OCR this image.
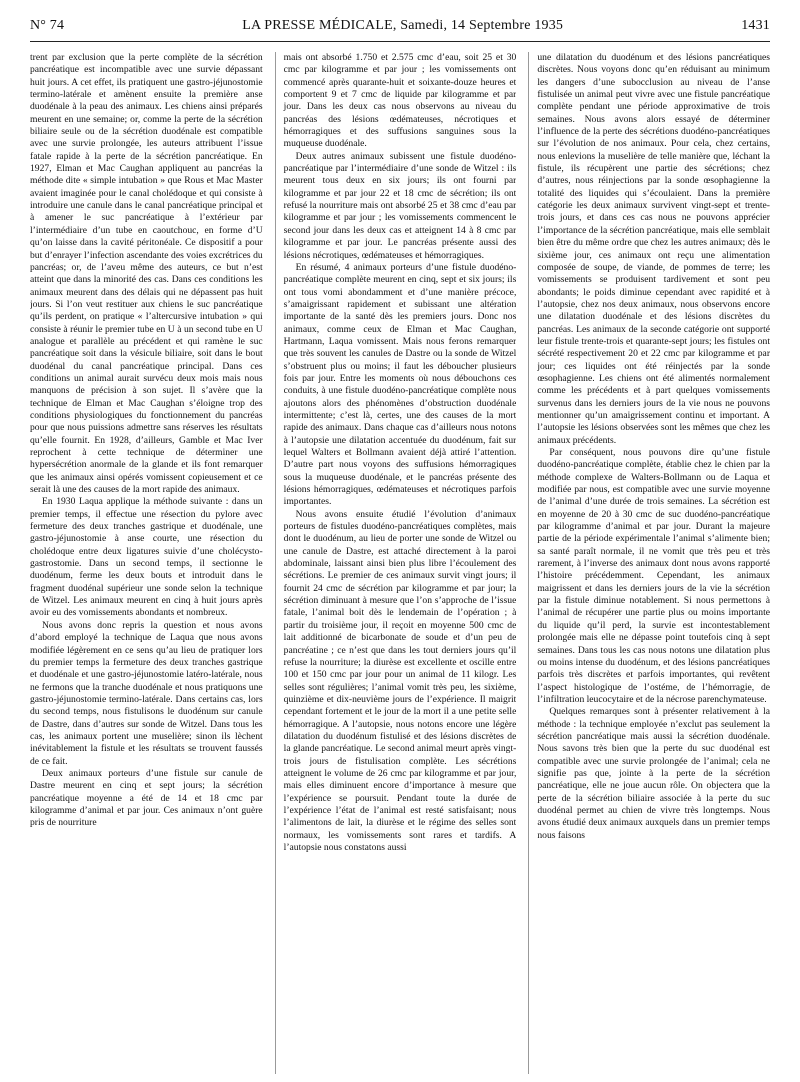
N° 74	LA PRESSE MÉDICALE, Samedi, 14 Septembre 1935	1431

trent par exclusion que la perte complète de la sécrétion pancréatique est incompatible avec une survie dépassant huit jours. A cet effet, ils pratiquent une gastro-jéjunostomie termino-latérale et amènent ensuite la première anse duodénale à la peau des animaux. Les chiens ainsi préparés meurent en une semaine; or, comme la perte de la sécrétion biliaire seule ou de la sécrétion duodénale est compatible avec une survie prolongée, les auteurs attribuent l’issue fatale rapide à la perte de la sécrétion pancréatique. En 1927, Elman et Mac Caughan appliquent au pancréas la méthode dite « simple intubation » que Rous et Mac Master avaient imaginée pour le canal cholédoque et qui consiste à introduire une canule dans le canal pancréatique principal et à amener le suc pancréatique à l’extérieur par l’intermédiaire d’un tube en caoutchouc, en forme d’U qu’on laisse dans la cavité péritonéale. Ce dispositif a pour but d’enrayer l’infection ascendante des voies excrétrices du pancréas; or, de l’aveu même des auteurs, ce but n’est atteint que dans la minorité des cas. Dans ces conditions les animaux meurent dans des délais qui ne dépassent pas huit jours. Si l’on veut restituer aux chiens le suc pancréatique qu’ils perdent, on pratique « l’altercursive intubation » qui consiste à réunir le premier tube en U à un second tube en U analogue et parallèle au précédent et qui ramène le suc pancréatique soit dans la vésicule biliaire, soit dans le bout duodénal du canal pancréatique principal. Dans ces conditions un animal aurait survécu deux mois mais nous manquons de précision à son sujet. Il s’avère que la technique de Elman et Mac Caughan s’éloigne trop des conditions physiologiques du fonctionnement du pancréas pour que nous puissions admettre sans réserves les résultats qu’elle fournit. En 1928, d’ailleurs, Gamble et Mac Iver reprochent à cette technique de déterminer une hypersécrétion anormale de la glande et ils font remarquer que les animaux ainsi opérés vomissent copieusement et ce serait là une des causes de la mort rapide des animaux.

En 1930 Laqua applique la méthode suivante : dans un premier temps, il effectue une résection du pylore avec fermeture des deux tranches gastrique et duodénale, une gastro-jéjunostomie à anse courte, une résection du cholédoque entre deux ligatures suivie d’une cholécysto-gastrostomie. Dans un second temps, il sectionne le duodénum, ferme les deux bouts et introduit dans le fragment duodénal supérieur une sonde selon la technique de Witzel. Les animaux meurent en cinq à huit jours après avoir eu des vomissements abondants et nombreux.

Nous avons donc repris la question et nous avons d’abord employé la technique de Laqua que nous avons modifiée légèrement en ce sens qu’au lieu de pratiquer lors du premier temps la fermeture des deux tranches gastrique et duodénale et une gastro-jéjunostomie latéro-latérale, nous ne fermons que la tranche duodénale et nous pratiquons une gastro-jéjunostomie termino-latérale. Dans certains cas, lors du second temps, nous fistulisons le duodénum sur canule de Dastre, dans d’autres sur sonde de Witzel. Dans tous les cas, les animaux portent une muselière; sinon ils lèchent inévitablement la fistule et les résultats se trouvent faussés de ce fait.

Deux animaux porteurs d’une fistule sur canule de Dastre meurent en cinq et sept jours; la sécrétion pancréatique moyenne a été de 14 et 18 cmc par kilogramme d’animal et par jour. Ces animaux n’ont guère pris de nourriture

mais ont absorbé 1.750 et 2.575 cmc d’eau, soit 25 et 30 cmc par kilogramme et par jour ; les vomissements ont commencé après quarante-huit et soixante-douze heures et comportent 9 et 7 cmc de liquide par kilogramme et par jour. Dans les deux cas nous observons au niveau du pancréas des lésions œdémateuses, nécrotiques et hémorragiques et des suffusions sanguines sous la muqueuse duodénale.

Deux autres animaux subissent une fistule duodéno-pancréatique par l’intermédiaire d’une sonde de Witzel : ils meurent tous deux en six jours; ils ont fourni par kilogramme et par jour 22 et 18 cmc de sécrétion; ils ont refusé la nourriture mais ont absorbé 25 et 38 cmc d’eau par kilogramme et par jour ; les vomissements commencent le second jour dans les deux cas et atteignent 14 à 8 cmc par kilogramme et par jour. Le pancréas présente aussi des lésions nécrotiques, œdémateuses et hémorragiques.

En résumé, 4 animaux porteurs d’une fistule duodéno-pancréatique complète meurent en cinq, sept et six jours; ils ont tous vomi abondamment et d’une manière précoce, s’amaigrissant rapidement et subissant une altération importante de la santé dès les premiers jours. Donc nos animaux, comme ceux de Elman et Mac Caughan, Hartmann, Laqua vomissent. Mais nous ferons remarquer que très souvent les canules de Dastre ou la sonde de Witzel s’obstruent plus ou moins; il faut les déboucher plusieurs fois par jour. Entre les moments où nous débouchons ces conduits, à une fistule duodéno-pancréatique complète nous ajoutons alors des phénomènes d’obstruction duodénale intermittente; c’est là, certes, une des causes de la mort rapide des animaux. Dans chaque cas d’ailleurs nous notons à l’autopsie une dilatation accentuée du duodénum, fait sur lequel Walters et Bollmann avaient déjà attiré l’attention. D’autre part nous voyons des suffusions hémorragiques sous la muqueuse duodénale, et le pancréas présente des lésions hémorragiques, œdémateuses et nécrotiques parfois importantes.

Nous avons ensuite étudié l’évolution d’animaux porteurs de fistules duodéno-pancréatiques complètes, mais dont le duodénum, au lieu de porter une sonde de Witzel ou une canule de Dastre, est attaché directement à la paroi abdominale, laissant ainsi bien plus libre l’écoulement des sécrétions. Le premier de ces animaux survit vingt jours; il fournit 24 cmc de sécrétion par kilogramme et par jour; la sécrétion diminuant à mesure que l’on s’approche de l’issue fatale, l’animal boit dès le lendemain de l’opération ; à partir du troisième jour, il reçoit en moyenne 500 cmc de lait additionné de bicarbonate de soude et d’un peu de pancréatine ; ce n’est que dans les tout derniers jours qu’il refuse la nourriture; la diurèse est excellente et oscille entre 100 et 150 cmc par jour pour un animal de 11 kilogr. Les selles sont régulières; l’animal vomit très peu, les sixième, quinzième et dix-neuvième jours de l’expérience. Il maigrit cependant fortement et le jour de la mort il a une petite selle hémorragique. A l’autopsie, nous notons encore une légère dilatation du duodénum fistulisé et des lésions discrètes de la glande pancréatique. Le second animal meurt après vingt-trois jours de fistulisation complète. Les sécrétions atteignent le volume de 26 cmc par kilogramme et par jour, mais elles diminuent encore d’importance à mesure que l’expérience se poursuit. Pendant toute la durée de l’expérience l’état de l’animal est resté satisfaisant; nous l’alimentons de lait, la diurèse et le régime des selles sont normaux, les vomissements sont rares et tardifs. A l’autopsie nous constatons aussi

une dilatation du duodénum et des lésions pancréatiques discrètes. Nous voyons donc qu’en réduisant au minimum les dangers d’une subocclusion au niveau de l’anse fistulisée un animal peut vivre avec une fistule pancréatique complète pendant une période approximative de trois semaines. Nous avons alors essayé de déterminer l’influence de la perte des sécrétions duodéno-pancréatiques sur l’évolution de nos animaux. Pour cela, chez certains, nous enlevions la muselière de telle manière que, léchant la fistule, ils récupèrent une partie des sécrétions; chez d’autres, nous réinjections par la sonde œsophagienne la totalité des liquides qui s’écoulaient. Dans la première catégorie les deux animaux survivent vingt-sept et trente-trois jours, et dans ces cas nous ne pouvons apprécier l’importance de la sécrétion pancréatique, mais elle semblait bien être du même ordre que chez les autres animaux; dès le sixième jour, ces animaux ont reçu une alimentation composée de soupe, de viande, de pommes de terre; les vomissements se produisent tardivement et sont peu abondants; le poids diminue cependant avec rapidité et à l’autopsie, chez nos deux animaux, nous observons encore une dilatation duodénale et des lésions discrètes du pancréas. Les animaux de la seconde catégorie ont supporté leur fistule trente-trois et quarante-sept jours; les fistules ont sécrété respectivement 20 et 22 cmc par kilogramme et par jour; ces liquides ont été réinjectés par la sonde œsophagienne. Les chiens ont été alimentés normalement comme les précédents et à part quelques vomissements survenus dans les derniers jours de la vie nous ne pouvons mentionner qu’un amaigrissement continu et important. A l’autopsie les lésions observées sont les mêmes que chez les animaux précédents.

Par conséquent, nous pouvons dire qu’une fistule duodéno-pancréatique complète, établie chez le chien par la méthode complexe de Walters-Bollmann ou de Laqua et modifiée par nous, est compatible avec une survie moyenne de l’animal d’une durée de trois semaines. La sécrétion est en moyenne de 20 à 30 cmc de suc duodéno-pancréatique par kilogramme d’animal et par jour. Durant la majeure partie de la période expérimentale l’animal s’alimente bien; sa santé paraît normale, il ne vomit que très peu et très rarement, à l’inverse des animaux dont nous avons rapporté l’histoire précédemment. Cependant, les animaux maigrissent et dans les derniers jours de la vie la sécrétion par la fistule diminue notablement. Si nous permettons à l’animal de récupérer une partie plus ou moins importante du liquide qu’il perd, la survie est incontestablement prolongée mais elle ne dépasse point toutefois cinq à sept semaines. Dans tous les cas nous notons une dilatation plus ou moins intense du duodénum, et des lésions pancréatiques parfois très discrètes et parfois importantes, qui revêtent l’aspect histologique de l’ostéme, de l’hémorragie, de l’infiltration leucocytaire et de la nécrose parenchymateuse.

Quelques remarques sont à présenter relativement à la méthode : la technique employée n’exclut pas seulement la sécrétion pancréatique mais aussi la sécrétion duodénale. Nous savons très bien que la perte du suc duodénal est compatible avec une survie prolongée de l’animal; cela ne signifie pas que, jointe à la perte de la sécrétion pancréatique, elle ne joue aucun rôle. On objectera que la perte de la sécrétion biliaire associée à la perte du suc duodénal permet au chien de vivre très longtemps. Nous avons étudié deux animaux auxquels dans un premier temps nous faisons
